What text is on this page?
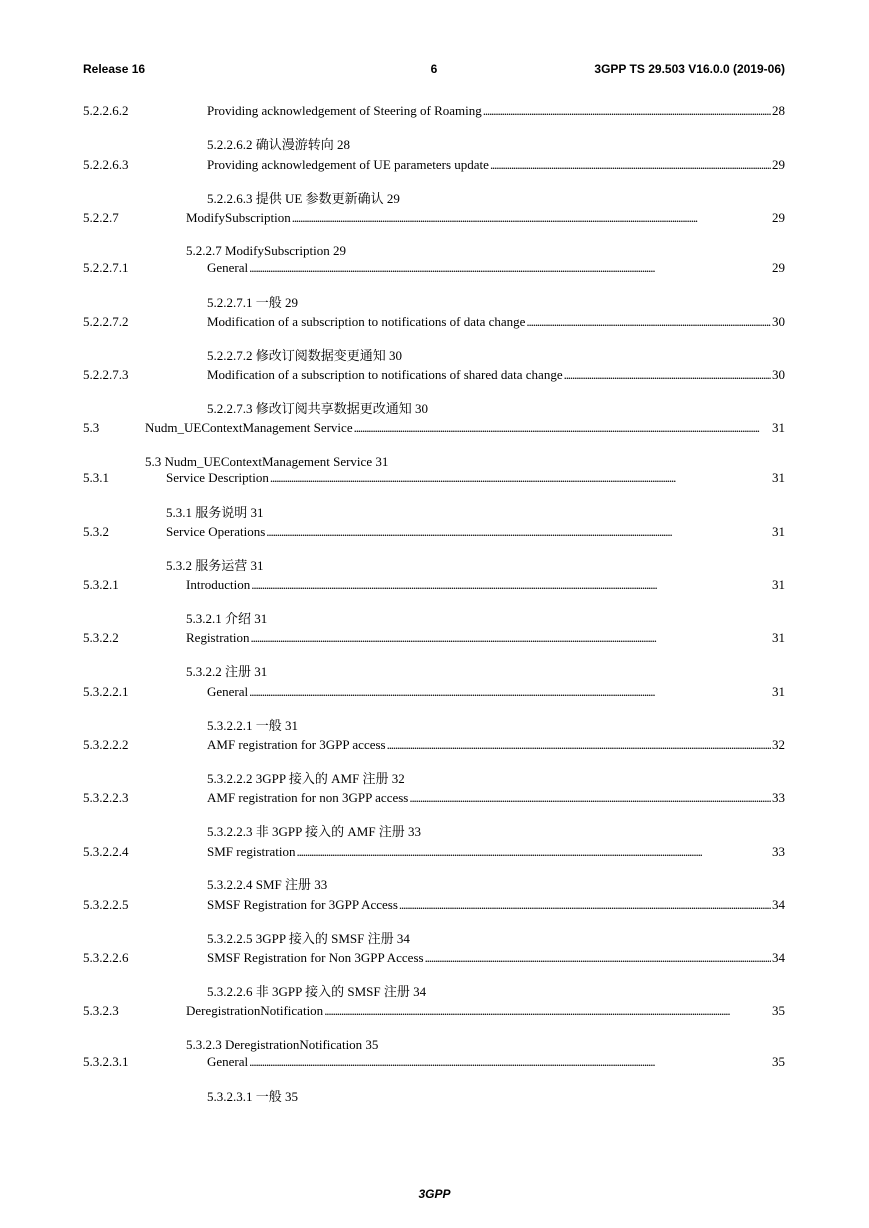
Release 16	6	3GPP TS 29.503 V16.0.0 (2019-06)
5.2.2.6.2	Providing acknowledgement of Steering of Roaming . . .	28
5.2.2.6.2 确认漫游转向 28
5.2.2.6.3	Providing acknowledgement of UE parameters update . . .	29
5.2.2.6.3 提供 UE 参数更新确认 29
5.2.2.7	ModifySubscription . . .	29
5.2.2.7 ModifySubscription 29
5.2.2.7.1	General . . .	29
5.2.2.7.1 一般 29
5.2.2.7.2	Modification of a subscription to notifications of data change . . .	30
5.2.2.7.2 修改订阅数据变更通知 30
5.2.2.7.3	Modification of a subscription to notifications of shared data change . . .	30
5.2.2.7.3 修改订阅共享数据更改通知 30
5.3	Nudm_UEContextManagement Service . . .	31
5.3 Nudm_UEContextManagement Service 31
5.3.1	Service Description . . .	31
5.3.1 服务说明 31
5.3.2	Service Operations . . .	31
5.3.2 服务运营 31
5.3.2.1	Introduction . . .	31
5.3.2.1 介绍 31
5.3.2.2	Registration . . .	31
5.3.2.2 注册 31
5.3.2.2.1	General . . .	31
5.3.2.2.1 一般 31
5.3.2.2.2	AMF registration for 3GPP access . . .	32
5.3.2.2.2 3GPP 接入的 AMF 注册 32
5.3.2.2.3	AMF registration for non 3GPP access . . .	33
5.3.2.2.3 非 3GPP 接入的 AMF 注册 33
5.3.2.2.4	SMF registration . . .	33
5.3.2.2.4 SMF 注册 33
5.3.2.2.5	SMSF Registration for 3GPP Access . . .	34
5.3.2.2.5 3GPP 接入的 SMSF 注册 34
5.3.2.2.6	SMSF Registration for Non 3GPP Access . . .	34
5.3.2.2.6 非 3GPP 接入的 SMSF 注册 34
5.3.2.3	DeregistrationNotification . . .	35
5.3.2.3 DeregistrationNotification 35
5.3.2.3.1	General . . .	35
5.3.2.3.1 一般 35
3GPP
